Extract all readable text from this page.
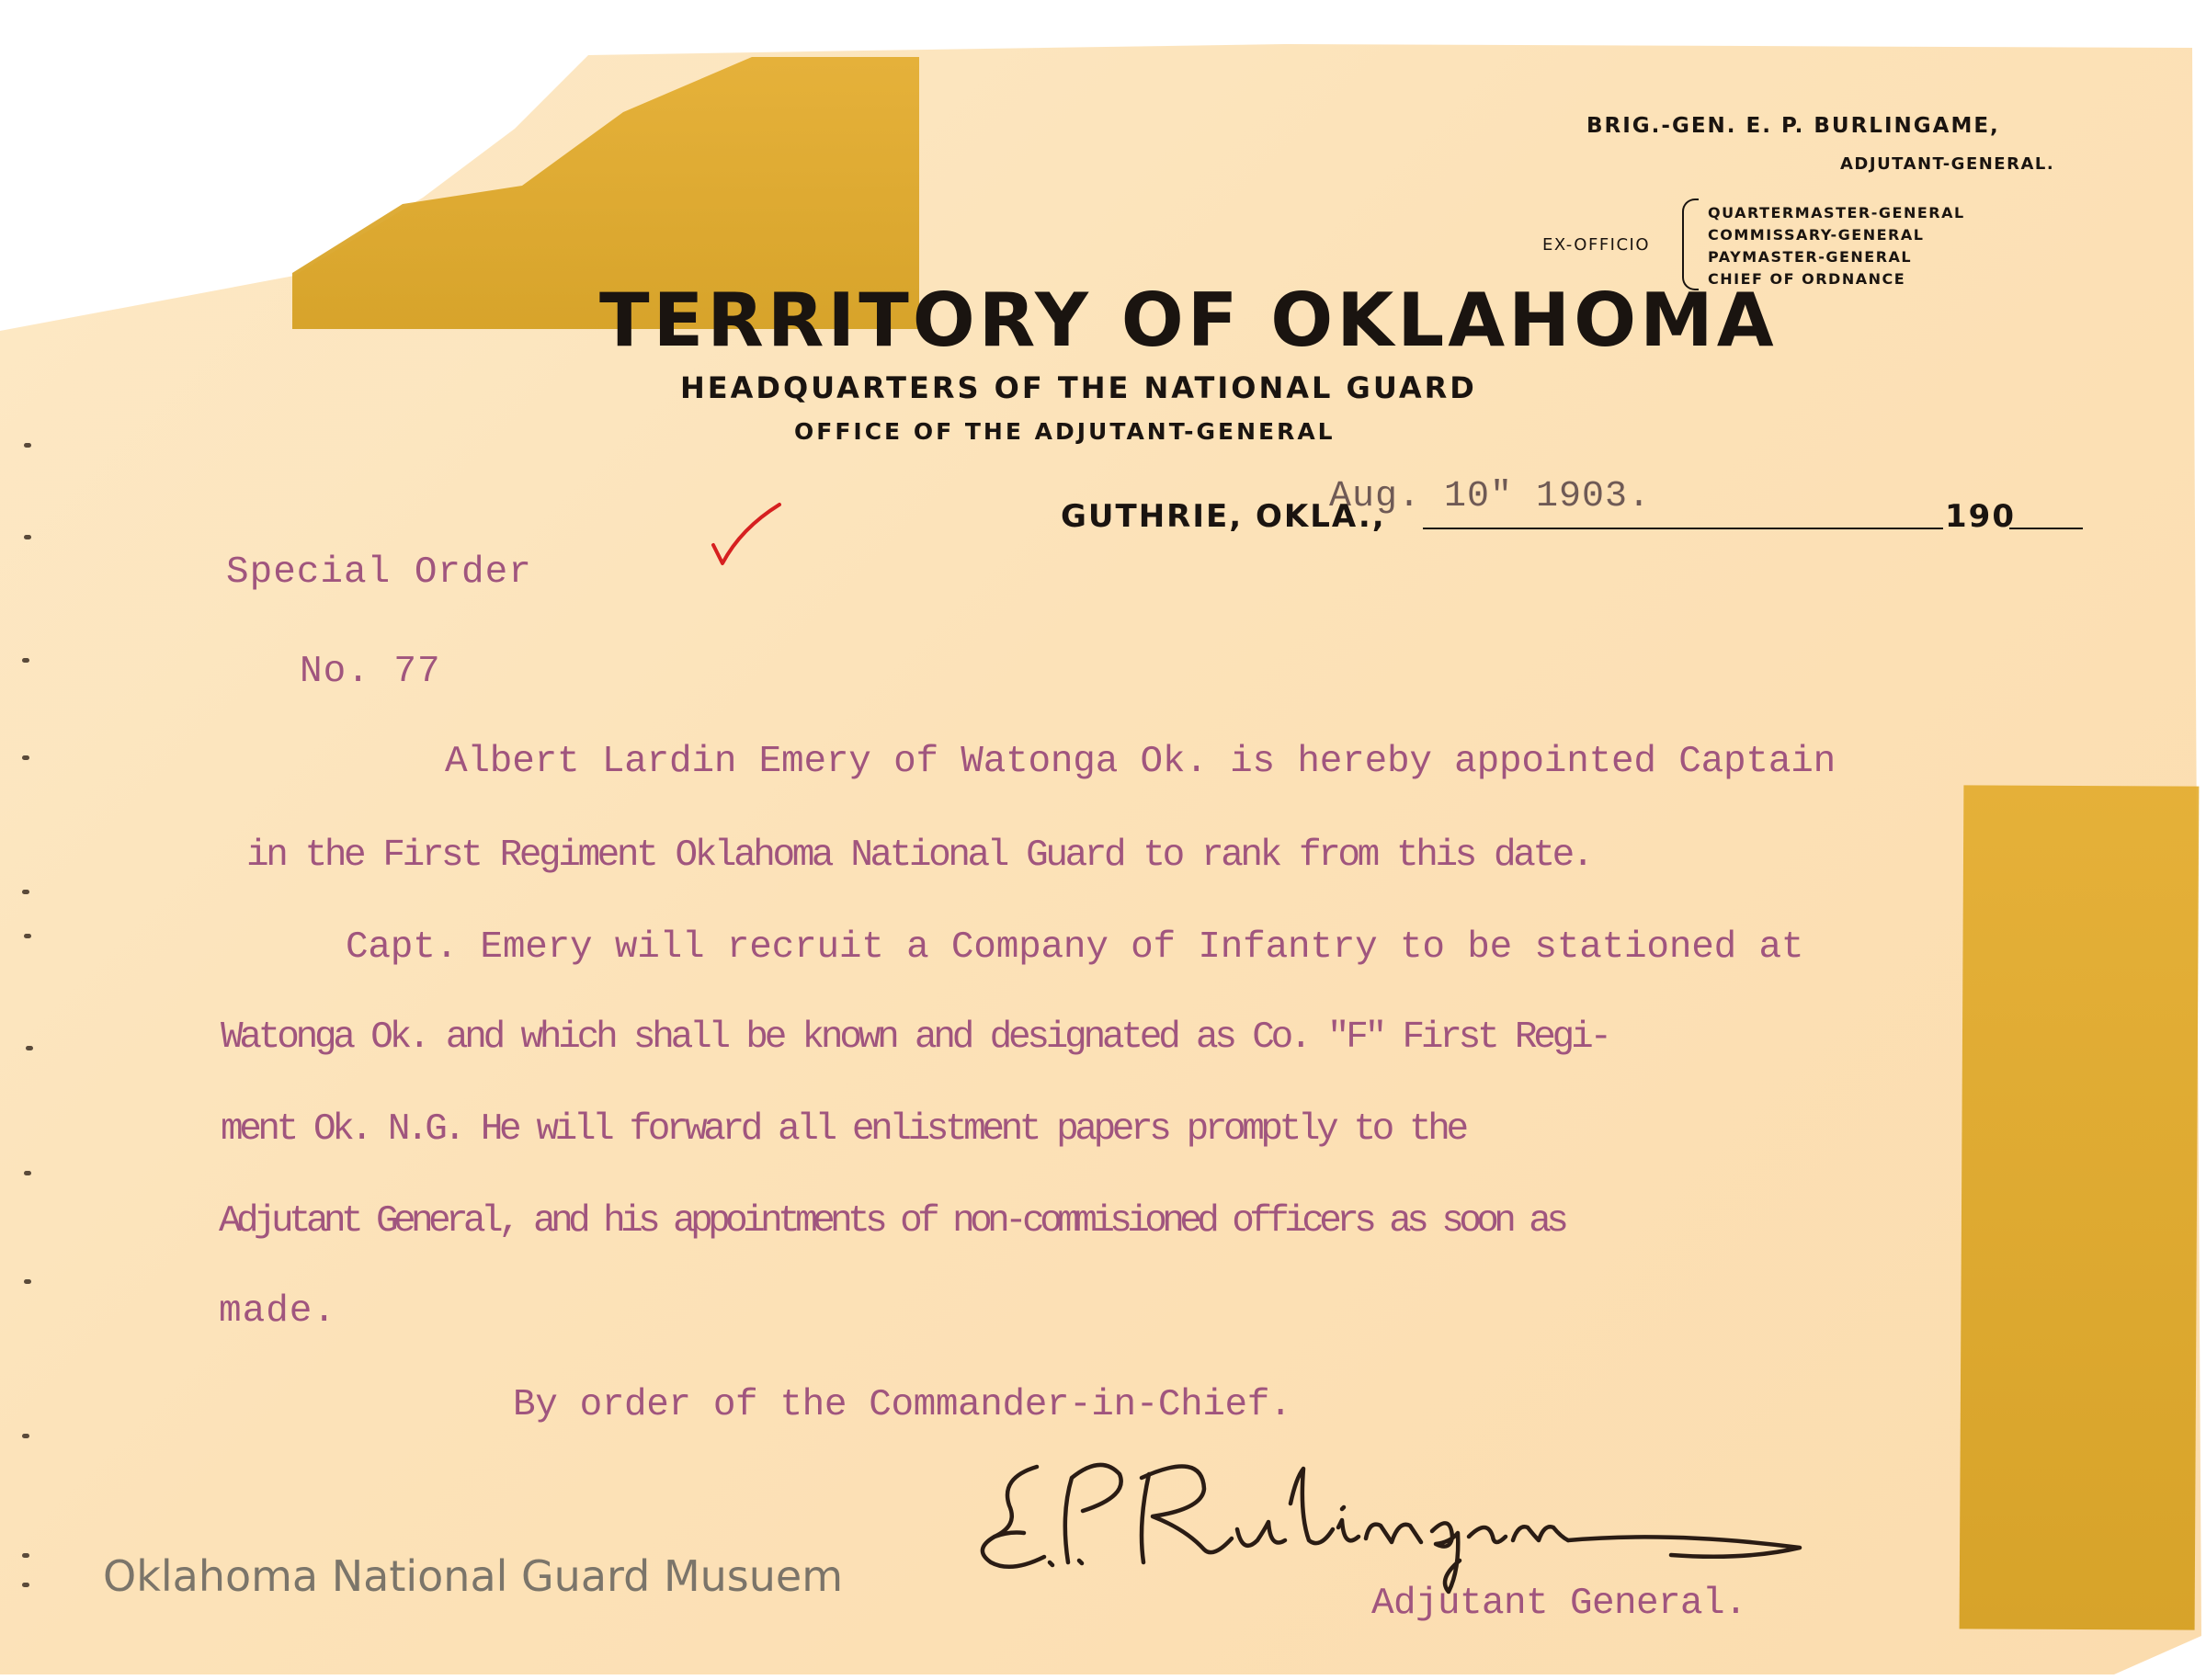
BRIG.-GEN. E. P. BURLINGAME,

ADJUTANT-GENERAL.

EX-OFFICIO

QUARTERMASTER-GENERAL
COMMISSARY-GENERAL
PAYMASTER-GENERAL
CHIEF OF ORDNANCE

TERRITORY OF OKLAHOMA

HEADQUARTERS OF THE NATIONAL GUARD

OFFICE OF THE ADJUTANT-GENERAL

GUTHRIE, OKLA.,

Aug. 10" 1903.	190

Special Order

No. 77

Albert Lardin Emery of Watonga Ok. is hereby appointed Captain

in the First Regiment Oklahoma National Guard to rank from this date.

Capt. Emery will recruit a Company of Infantry to be stationed at

Watonga Ok. and which shall be known and designated as Co. "F" First Regi-

ment Ok. N.G. He will forward all enlistment papers promptly to the

Adjutant General, and his appointments of non-commisioned officers as soon as

made.

By order of the Commander-in-Chief.

Adjutant General.

Oklahoma National Guard Musuem
